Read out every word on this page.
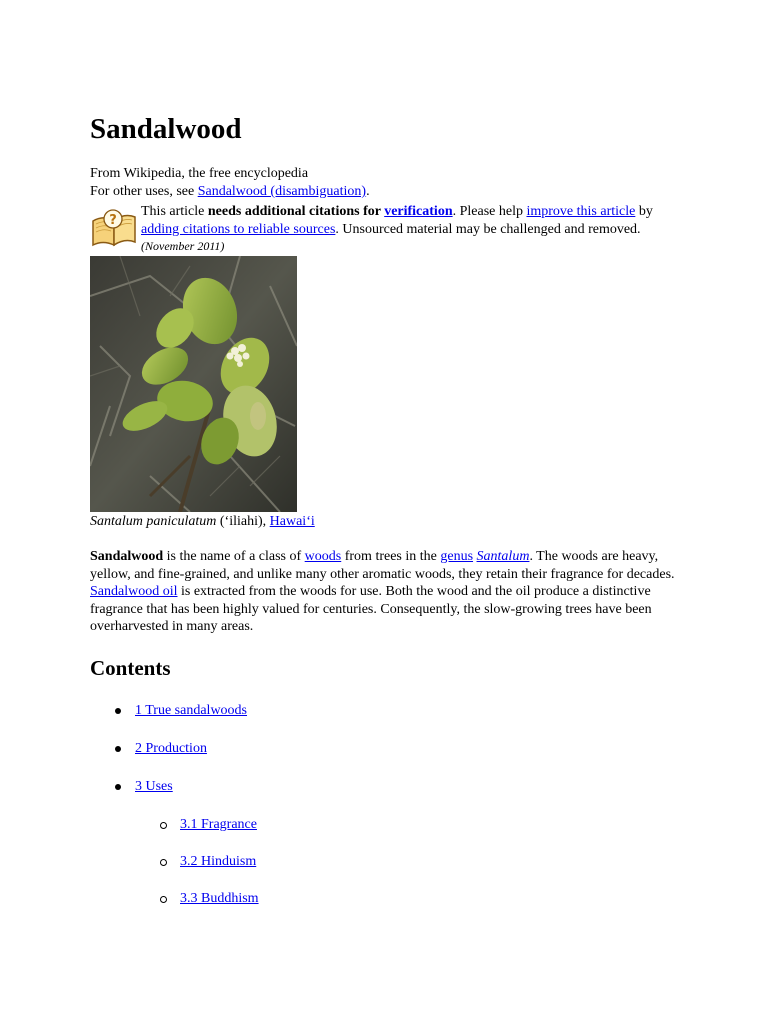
Sandalwood
From Wikipedia, the free encyclopedia
For other uses, see Sandalwood (disambiguation).
?
This article needs additional citations for verification. Please help improve this article by adding citations to reliable sources. Unsourced material may be challenged and removed. (November 2011)
Santalum paniculatum (‘iliahi), Hawai‘i
Sandalwood is the name of a class of woods from trees in the genus Santalum. The woods are heavy, yellow, and fine-grained, and unlike many other aromatic woods, they retain their fragrance for decades. Sandalwood oil is extracted from the woods for use. Both the wood and the oil produce a distinctive fragrance that has been highly valued for centuries. Consequently, the slow-growing trees have been overharvested in many areas.
Contents
1 True sandalwoods
2 Production
3 Uses
3.1 Fragrance
3.2 Hinduism
3.3 Buddhism
